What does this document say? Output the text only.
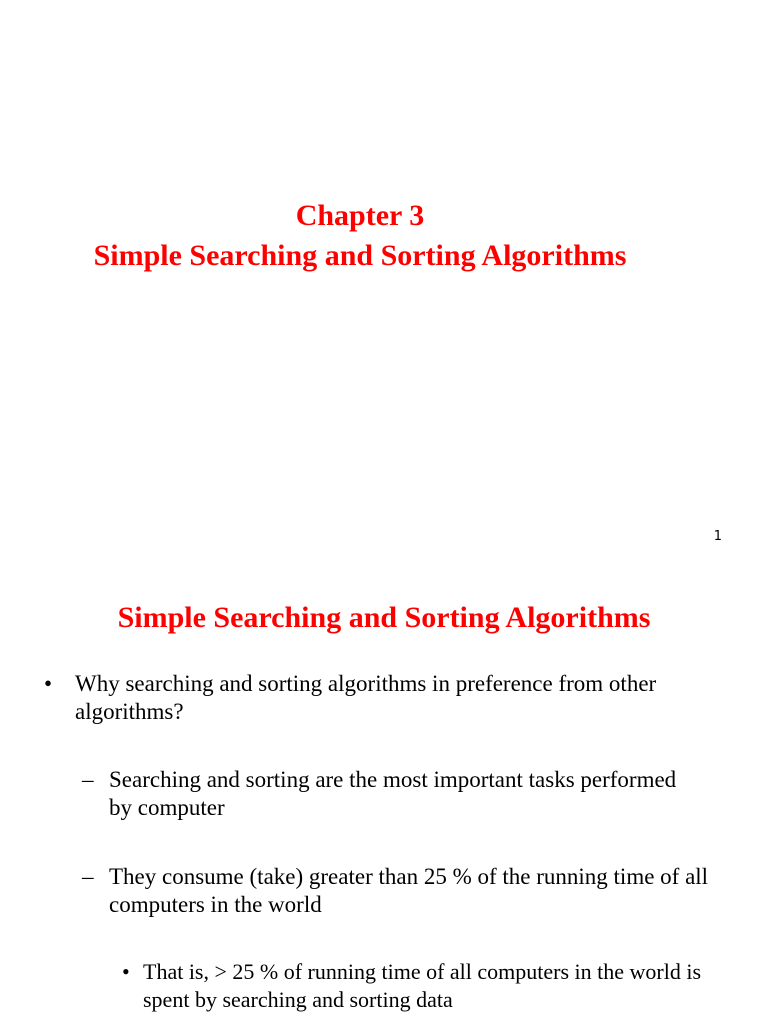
Chapter 3
Simple Searching and Sorting Algorithms
1
Simple Searching and Sorting Algorithms
• Why searching and sorting algorithms in preference from other algorithms?
– Searching and sorting are the most important tasks performed by computer
– They consume (take) greater than 25 % of the running time of all computers in the world
• That is, > 25 % of running time of all computers in the world is spent by searching and sorting data
